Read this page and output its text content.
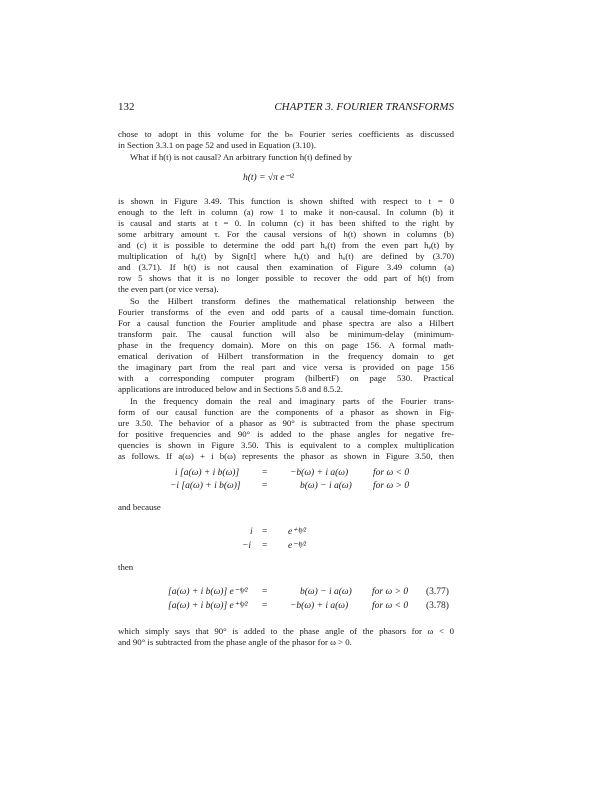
132	CHAPTER 3. FOURIER TRANSFORMS
chose to adopt in this volume for the bₙ Fourier series coefficients as discussed
in Section 3.3.1 on page 52 and used in Equation (3.10).
What if h(t) is not causal? An arbitrary function h(t) defined by
h(t) = √π e⁻ᵗ²
is shown in Figure 3.49. This function is shown shifted with respect to t = 0
enough to the left in column (a) row 1 to make it non-causal. In column (b) it
is causal and starts at t = 0. In column (c) it has been shifted to the right by
some arbitrary amount τ. For the causal versions of h(t) shown in columns (b)
and (c) it is possible to determine the odd part hₒ(t) from the even part hₑ(t) by
multiplication of hₑ(t) by Sign[t] where hₑ(t) and hₒ(t) are defined by (3.70)
and (3.71). If h(t) is not causal then examination of Figure 3.49 column (a)
row 5 shows that it is no longer possible to recover the odd part of h(t) from
the even part (or vice versa).
So the Hilbert transform defines the mathematical relationship between the
Fourier transforms of the even and odd parts of a causal time-domain function.
For a causal function the Fourier amplitude and phase spectra are also a Hilbert
transform pair. The causal function will also be minimum-delay (minimum-
phase in the frequency domain). More on this on page 156. A formal math-
ematical derivation of Hilbert transformation in the frequency domain to get
the imaginary part from the real part and vice versa is provided on page 156
with a corresponding computer program (hilbertF) on page 530. Practical
applications are introduced below and in Sections 5.8 and 8.5.2.
In the frequency domain the real and imaginary parts of the Fourier trans-
form of our causal function are the components of a phasor as shown in Fig-
ure 3.50. The behavior of a phasor as 90° is subtracted from the phase spectrum
for positive frequencies and 90° is added to the phase angles for negative fre-
quencies is shown in Figure 3.50. This is equivalent to a complex multiplication
as follows. If a(ω) + i b(ω) represents the phasor as shown in Figure 3.50, then
i [a(ω) + i b(ω)] = −b(ω) + i a(ω)	for ω < 0
−i [a(ω) + i b(ω)] =	b(ω) − i a(ω) for ω > 0
and because
i = e⁺ⁱᵖ⁄²
−i = e⁻ⁱᵖ⁄²
then
[a(ω) + i b(ω)] e⁻ⁱᵖ⁄² =	b(ω) − i a(ω) for ω > 0 (3.77)
[a(ω) + i b(ω)] e⁺ⁱᵖ⁄² = −b(ω) + i a(ω)	for ω < 0 (3.78)
which simply says that 90° is added to the phase angle of the phasors for ω < 0
and 90° is subtracted from the phase angle of the phasor for ω > 0.
